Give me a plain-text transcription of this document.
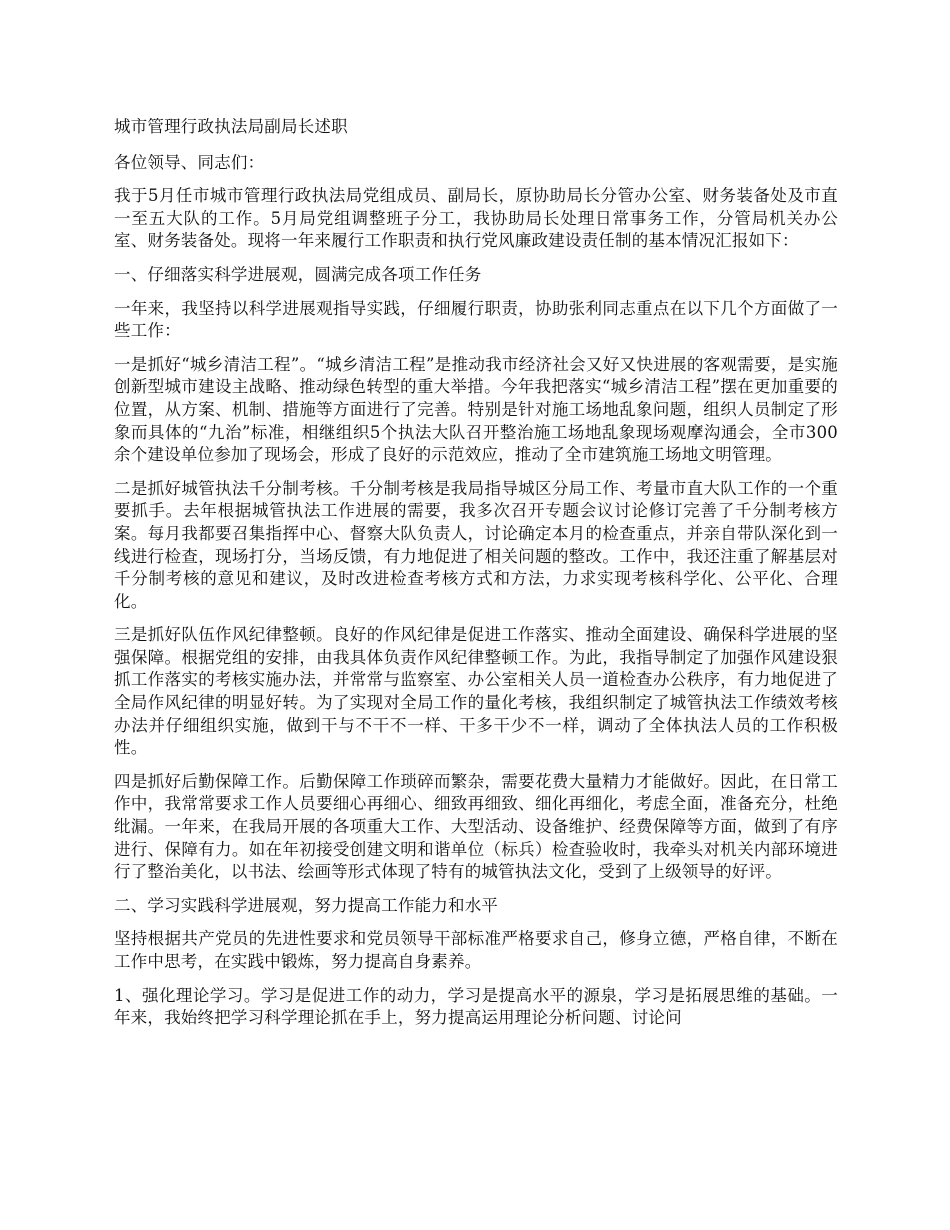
城市管理行政执法局副局长述职

各位领导、同志们：

我于5月任市城市管理行政执法局党组成员、副局长，原协助局长分管办公室、财务装备处及市直一至五大队的工作。5月局党组调整班子分工，我协助局长处理日常事务工作，分管局机关办公室、财务装备处。现将一年来履行工作职责和执行党风廉政建设责任制的基本情况汇报如下：

一、仔细落实科学进展观，圆满完成各项工作任务

一年来，我坚持以科学进展观指导实践，仔细履行职责，协助张利同志重点在以下几个方面做了一些工作：

一是抓好“城乡清洁工程”。“城乡清洁工程”是推动我市经济社会又好又快进展的客观需要，是实施创新型城市建设主战略、推动绿色转型的重大举措。今年我把落实“城乡清洁工程”摆在更加重要的位置，从方案、机制、措施等方面进行了完善。特别是针对施工场地乱象问题，组织人员制定了形象而具体的“九治”标准，相继组织5个执法大队召开整治施工场地乱象现场观摩沟通会，全市300余个建设单位参加了现场会，形成了良好的示范效应，推动了全市建筑施工场地文明管理。

二是抓好城管执法千分制考核。千分制考核是我局指导城区分局工作、考量市直大队工作的一个重要抓手。去年根据城管执法工作进展的需要，我多次召开专题会议讨论修订完善了千分制考核方案。每月我都要召集指挥中心、督察大队负责人，讨论确定本月的检查重点，并亲自带队深化到一线进行检查，现场打分，当场反馈，有力地促进了相关问题的整改。工作中，我还注重了解基层对千分制考核的意见和建议，及时改进检查考核方式和方法，力求实现考核科学化、公平化、合理化。

三是抓好队伍作风纪律整顿。良好的作风纪律是促进工作落实、推动全面建设、确保科学进展的坚强保障。根据党组的安排，由我具体负责作风纪律整顿工作。为此，我指导制定了加强作风建设狠抓工作落实的考核实施办法，并常常与监察室、办公室相关人员一道检查办公秩序，有力地促进了全局作风纪律的明显好转。为了实现对全局工作的量化考核，我组织制定了城管执法工作绩效考核办法并仔细组织实施，做到干与不干不一样、干多干少不一样，调动了全体执法人员的工作积极性。

四是抓好后勤保障工作。后勤保障工作琐碎而繁杂，需要花费大量精力才能做好。因此，在日常工作中，我常常要求工作人员要细心再细心、细致再细致、细化再细化，考虑全面，准备充分，杜绝纰漏。一年来，在我局开展的各项重大工作、大型活动、设备维护、经费保障等方面，做到了有序进行、保障有力。如在年初接受创建文明和谐单位（标兵）检查验收时，我牵头对机关内部环境进行了整治美化，以书法、绘画等形式体现了特有的城管执法文化，受到了上级领导的好评。

二、学习实践科学进展观，努力提高工作能力和水平

坚持根据共产党员的先进性要求和党员领导干部标准严格要求自己，修身立德，严格自律，不断在工作中思考，在实践中锻炼，努力提高自身素养。

1、强化理论学习。学习是促进工作的动力，学习是提高水平的源泉，学习是拓展思维的基础。一年来，我始终把学习科学理论抓在手上，努力提高运用理论分析问题、讨论问
